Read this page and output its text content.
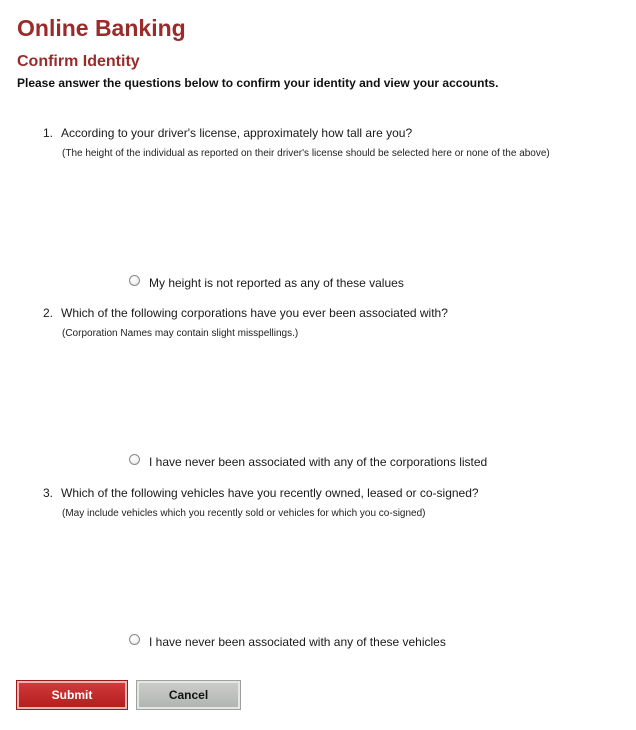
Online Banking
Confirm Identity
Please answer the questions below to confirm your identity and view your accounts.
1. According to your driver's license, approximately how tall are you?
(The height of the individual as reported on their driver's license should be selected here or none of the above)
My height is not reported as any of these values
2. Which of the following corporations have you ever been associated with?
(Corporation Names may contain slight misspellings.)
I have never been associated with any of the corporations listed
3. Which of the following vehicles have you recently owned, leased or co-signed?
(May include vehicles which you recently sold or vehicles for which you co-signed)
I have never been associated with any of these vehicles
Submit	Cancel
